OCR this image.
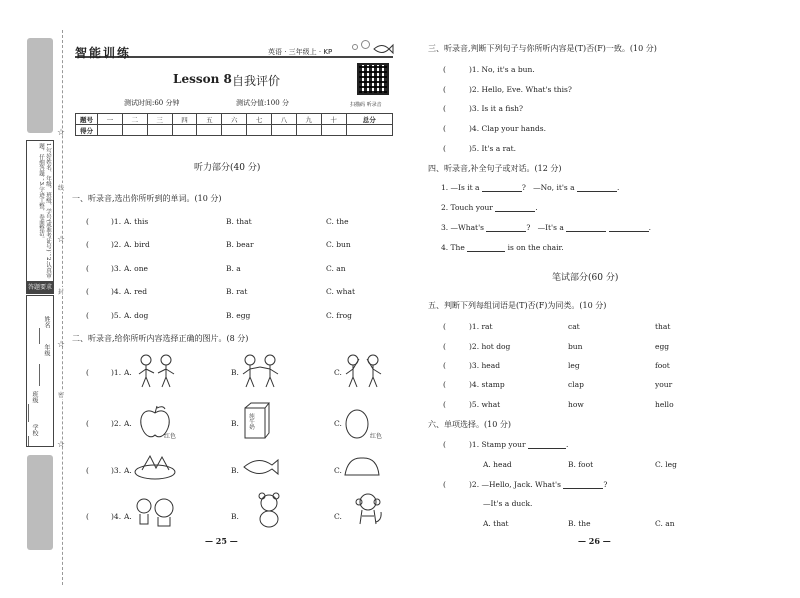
1.写好姓名、年级、班级、学号(或准考证号)；2.认真审题，仔细答题；3.字迹工整，卷面整洁。
答题要求
学校
班级
年级
姓名
线
封
密
☆
☆
☆
☆
智能训练	英语 · 三年级上 · KP
扫描码 听录音
Lesson 8 自我评价
测试时间:60 分钟	测试分值:100 分
题号	一	二	三	四	五	六	七	八	九	十	总分
得分											
听力部分(40 分)
一、听录音,选出你所听到的单词。(10 分)
(	)1. A. this	B. that	C. the
(	)2. A. bird	B. bear	C. bun
(	)3. A. one	B. a	C. an
(	)4. A. red	B. rat	C. what
(	)5. A. dog	B. egg	C. frog
二、听录音,给你所听内容选择正确的图片。(8 分)
(	)1. A.	B.	C.
(	)2. A.
红色
B. 纯牛奶	C.
红色
(	)3. A.	B.	C.
(	)4. A.	B.	C.
— 25 —
三、听录音,判断下列句子与你所听内容是(T)否(F)一致。(10 分)
(	)1. No, it's a bun.
(	)2. Hello, Eve. What's this?
(	)3. Is it a fish?
(	)4. Clap your hands.
(	)5. It's a rat.
四、听录音,补全句子或对话。(12 分)
1. —Is it a	? —No, it's a	.
2. Touch your	.
3. —What's	? —It's a	.
4. The	is on the chair.
笔试部分(60 分)
五、判断下列每组词语是(T)否(F)为同类。(10 分)
(	)1. rat	cat	that
(	)2. hot dog	bun	egg
(	)3. head	leg	foot
(	)4. stamp	clap	your
(	)5. what	how	hello
六、单项选择。(10 分)
(	)1. Stamp your	.
A. head	B. foot	C. leg
(	)2. —Hello, Jack. What's	?
—It's a duck.
A. that	B. the	C. an
— 26 —
